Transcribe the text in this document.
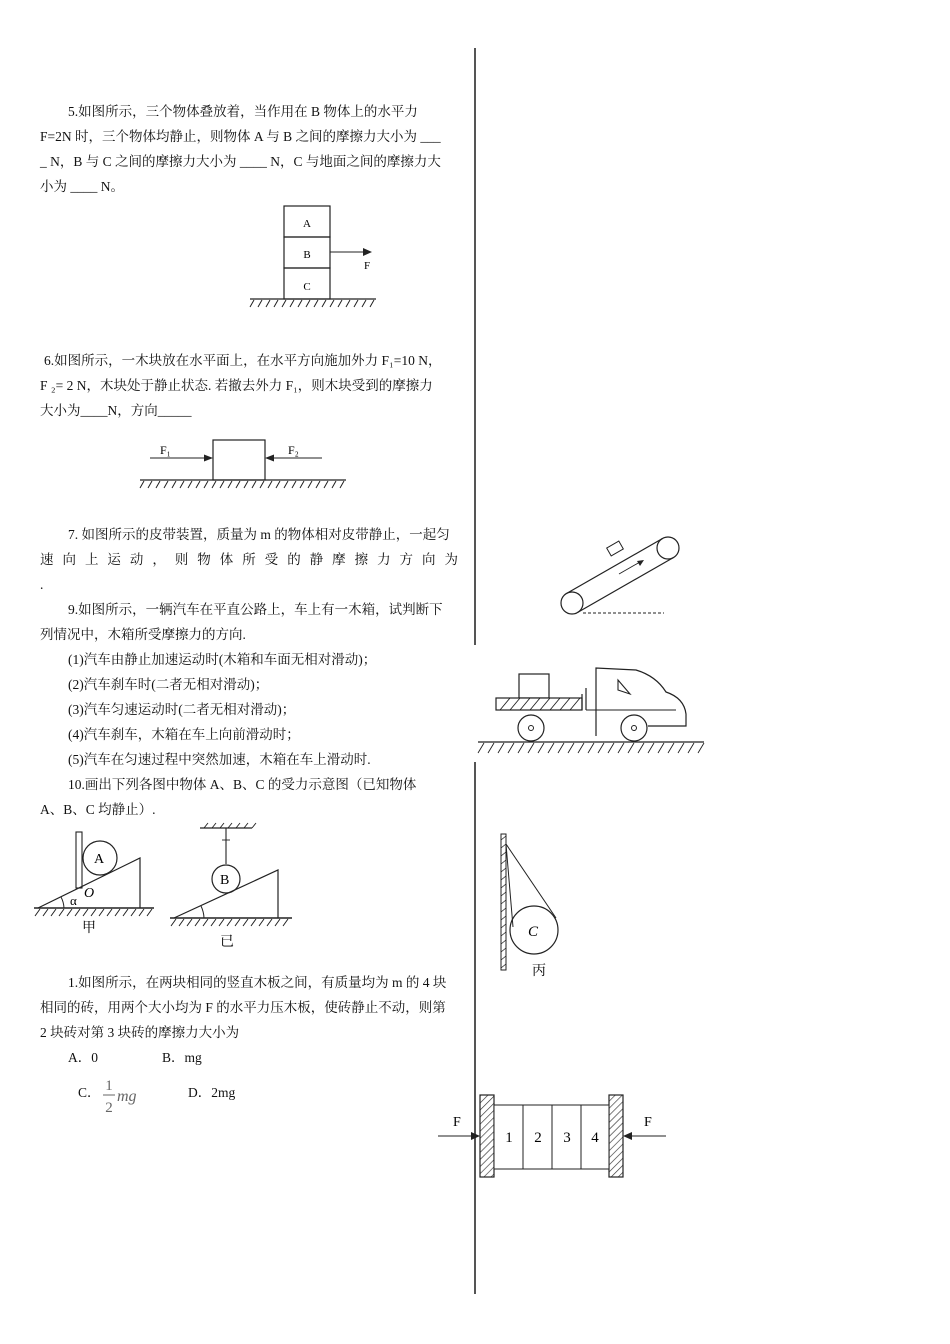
5.如图所示，三个物体叠放着，当作用在 B 物体上的水平力

F=2N 时，三个物体均静止，则物体 A 与 B 之间的摩擦力大小为 ___

_ N，B 与 C 之间的摩擦力大小为 ____ N，C 与地面之间的摩擦力大

小为 ____ N。

A
B
C
F

6.如图所示，一木块放在水平面上，在水平方向施加外力 F₁=10 N，

F ₂= 2 N，木块处于静止状态. 若撤去外力 F₁，则木块受到的摩擦力

大小为____N，方向_____

F₁	F₂

7. 如图所示的皮带装置，质量为 m 的物体相对皮带静止，一起匀

速 向 上 运 动 ， 则 物 体 所 受 的 静 摩 擦 力 方 向 为

.

9.如图所示，一辆汽车在平直公路上，车上有一木箱，试判断下

列情况中，木箱所受摩擦力的方向.

(1)汽车由静止加速运动时(木箱和车面无相对滑动)；

(2)汽车刹车时(二者无相对滑动)；

(3)汽车匀速运动时(二者无相对滑动)；

(4)汽车刹车，木箱在车上向前滑动时；

(5)汽车在匀速过程中突然加速，木箱在车上滑动时.

10.画出下列各图中物体 A、B、C 的受力示意图（已知物体

A、B、C 均静止）.

A
α O
甲
B
已
C
丙

1.如图所示，在两块相同的竖直木板之间，有质量均为 m 的 4 块

相同的砖，用两个大小均为 F 的水平力压木板，使砖静止不动，则第

2 块砖对第 3 块砖的摩擦力大小为

A．0	B．mg
C． 1
2
mg	D．2mg
1 2 3 4
F	F
